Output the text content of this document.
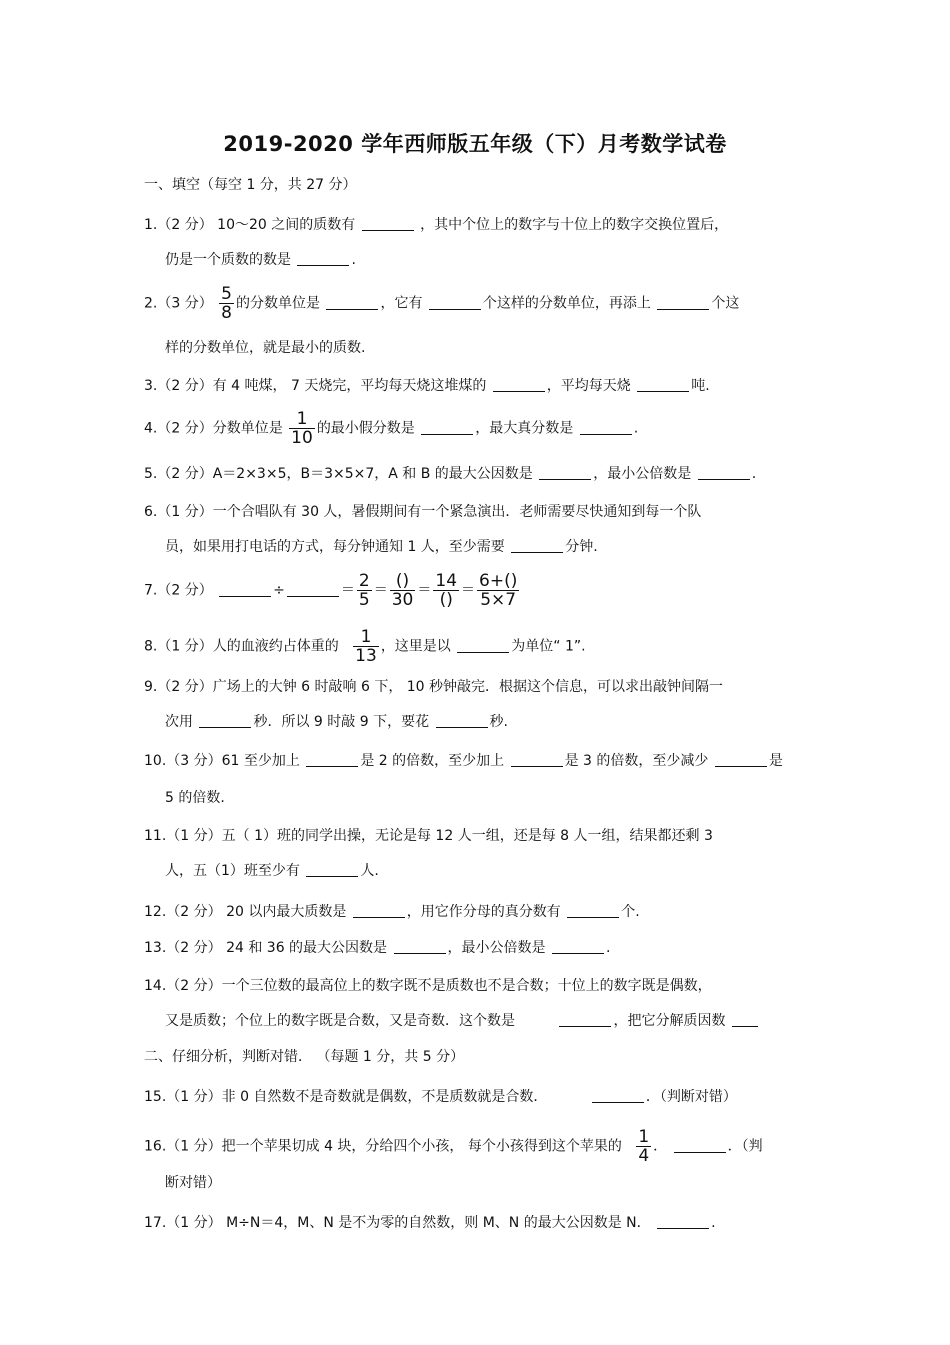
2019-2020 学年西师版五年级（下）月考数学试卷
一、填空（每空 1 分，共 27 分）
1.（2 分） 10～20 之间的质数有	，其中个位上的数字与十位上的数字交换位置后，
仍是一个质数的数是	.
2.（3 分） $\frac{5}{8}$ 的分数单位是	，它有	个这样的分数单位，再添上	个这
样的分数单位，就是最小的质数.
3.（2 分）有 4 吨煤， 7 天烧完，平均每天烧这堆煤的	，平均每天烧	吨.
4.（2 分）分数单位是 $\frac{1}{10}$ 的最小假分数是	，最大真分数是	.
5.（2 分）A＝2×3×5，B＝3×5×7，A 和 B 的最大公因数是	，最小公倍数是	.
6.（1 分）一个合唱队有 30 人，暑假期间有一个紧急演出．老师需要尽快通知到每一个队
员，如果用打电话的方式，每分钟通知 1 人，至少需要	分钟.
7.（2 分）	÷	＝ $\frac{2}{5} = \frac{()}{30} = \frac{14}{()} = \frac{6+()}{5\times 7}$
8.（1 分）人的血液约占体重的 $\frac{1}{13}$ ，这里是以	为单位“ 1”.
9.（2 分）广场上的大钟 6 时敲响 6 下， 10 秒钟敲完．根据这个信息，可以求出敲钟间隔一
次用	秒．所以 9 时敲 9 下，要花	秒.
10.（3 分）61 至少加上	是 2 的倍数，至少加上	是 3 的倍数，至少减少	是
5 的倍数.
11.（1 分）五（ 1）班的同学出操，无论是每 12 人一组，还是每 8 人一组，结果都还剩 3
人，五（1）班至少有	人.
12.（2 分） 20 以内最大质数是	，用它作分母的真分数有	个.
13.（2 分） 24 和 36 的最大公因数是	，最小公倍数是	.
14.（2 分）一个三位数的最高位上的数字既不是质数也不是合数；十位上的数字既是偶数，
又是质数；个位上的数字既是合数，又是奇数．这个数是	，把它分解质因数
二、仔细分析，判断对错． （每题 1 分，共 5 分）
15.（1 分）非 0 自然数不是奇数就是偶数，不是质数就是合数．	．（判断对错）
16.（1 分）把一个苹果切成 4 块，分给四个小孩， 每个小孩得到这个苹果的 $\frac{1}{4}$ ．	．（判
断对错）
17.（1 分） M÷N＝4，M、N 是不为零的自然数，则 M、N 的最大公因数是 N．	.
